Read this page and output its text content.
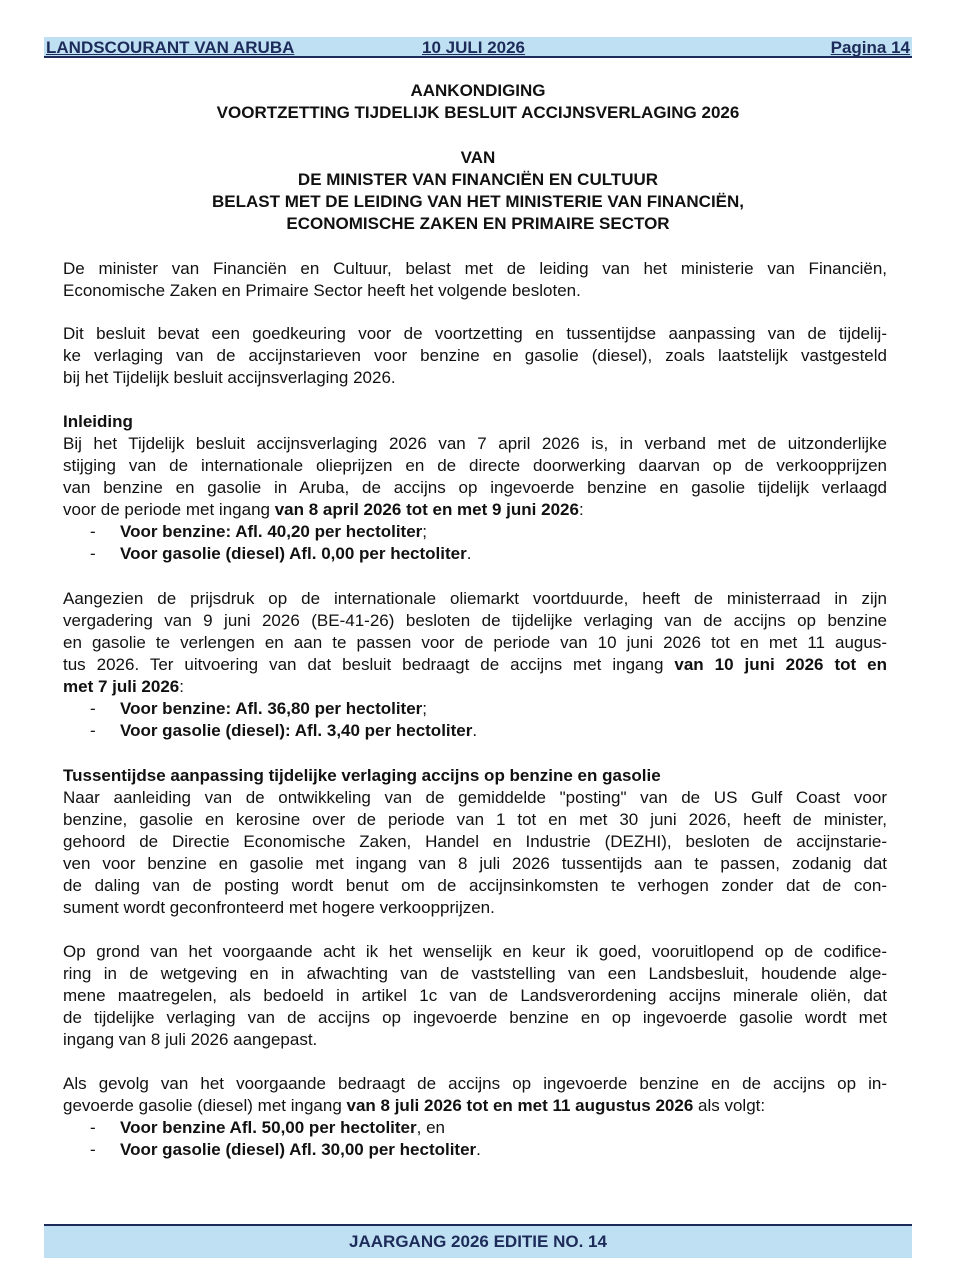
LANDSCOURANT VAN ARUBA	10 JULI 2026	Pagina 14
AANKONDIGING
VOORTZETTING TIJDELIJK BESLUIT ACCIJNSVERLAGING 2026
VAN
DE MINISTER VAN FINANCIËN EN CULTUUR
BELAST MET DE LEIDING VAN HET MINISTERIE VAN FINANCIËN,
ECONOMISCHE ZAKEN EN PRIMAIRE SECTOR
De minister van Financiën en Cultuur, belast met de leiding van het ministerie van Financiën,
Economische Zaken en Primaire Sector heeft het volgende besloten.
Dit besluit bevat een goedkeuring voor de voortzetting en tussentijdse aanpassing van de tijdelij-
ke verlaging van de accijnstarieven voor benzine en gasolie (diesel), zoals laatstelijk vastgesteld
bij het Tijdelijk besluit accijnsverlaging 2026.
Inleiding
Bij het Tijdelijk besluit accijnsverlaging 2026 van 7 april 2026 is, in verband met de uitzonderlijke
stijging van de internationale olieprijzen en de directe doorwerking daarvan op de verkoopprijzen
van benzine en gasolie in Aruba, de accijns op ingevoerde benzine en gasolie tijdelijk verlaagd
voor de periode met ingang van 8 april 2026 tot en met 9 juni 2026:
- Voor benzine: Afl. 40,20 per hectoliter;
- Voor gasolie (diesel) Afl. 0,00 per hectoliter.
Aangezien de prijsdruk op de internationale oliemarkt voortduurde, heeft de ministerraad in zijn
vergadering van 9 juni 2026 (BE-41-26) besloten de tijdelijke verlaging van de accijns op benzine
en gasolie te verlengen en aan te passen voor de periode van 10 juni 2026 tot en met 11 augus-
tus 2026. Ter uitvoering van dat besluit bedraagt de accijns met ingang van 10 juni 2026 tot en
met 7 juli 2026:
- Voor benzine: Afl. 36,80 per hectoliter;
- Voor gasolie (diesel): Afl. 3,40 per hectoliter.
Tussentijdse aanpassing tijdelijke verlaging accijns op benzine en gasolie
Naar aanleiding van de ontwikkeling van de gemiddelde "posting" van de US Gulf Coast voor
benzine, gasolie en kerosine over de periode van 1 tot en met 30 juni 2026, heeft de minister,
gehoord de Directie Economische Zaken, Handel en Industrie (DEZHI), besloten de accijnstarie-
ven voor benzine en gasolie met ingang van 8 juli 2026 tussentijds aan te passen, zodanig dat
de daling van de posting wordt benut om de accijnsinkomsten te verhogen zonder dat de con-
sument wordt geconfronteerd met hogere verkoopprijzen.
Op grond van het voorgaande acht ik het wenselijk en keur ik goed, vooruitlopend op de codifice-
ring in de wetgeving en in afwachting van de vaststelling van een Landsbesluit, houdende alge-
mene maatregelen, als bedoeld in artikel 1c van de Landsverordening accijns minerale oliën, dat
de tijdelijke verlaging van de accijns op ingevoerde benzine en op ingevoerde gasolie wordt met
ingang van 8 juli 2026 aangepast.
Als gevolg van het voorgaande bedraagt de accijns op ingevoerde benzine en de accijns op in-
gevoerde gasolie (diesel) met ingang van 8 juli 2026 tot en met 11 augustus 2026 als volgt:
- Voor benzine Afl. 50,00 per hectoliter, en
- Voor gasolie (diesel) Afl. 30,00 per hectoliter.
JAARGANG 2026 EDITIE NO. 14
